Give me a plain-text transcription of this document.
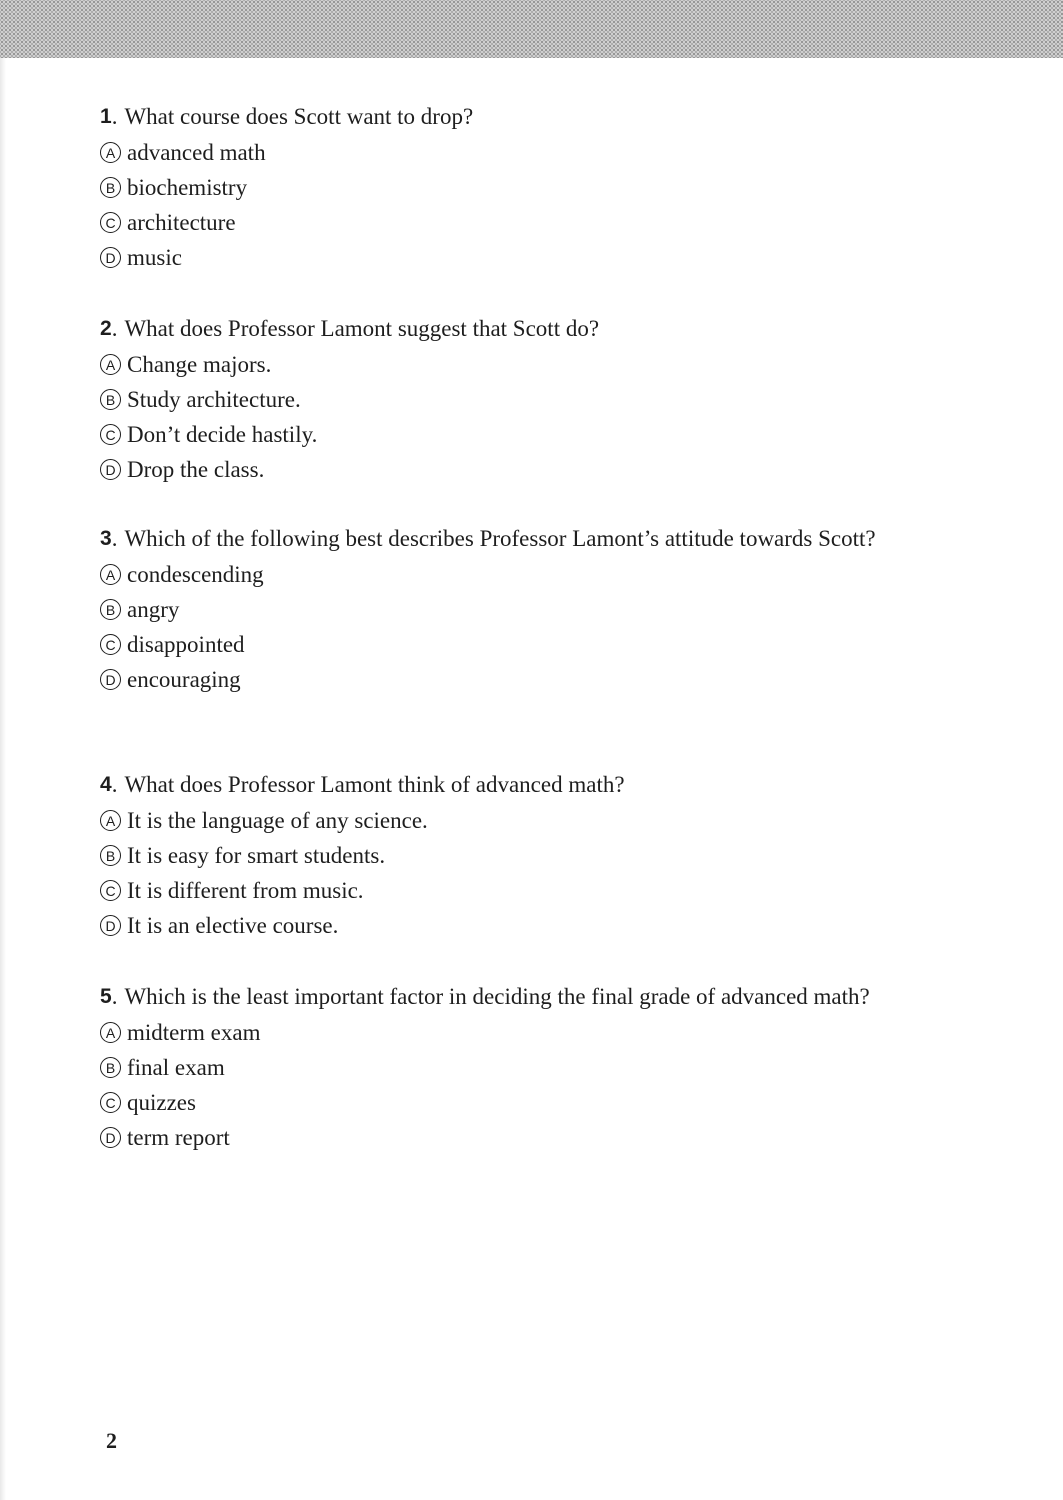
1 . What course does Scott want to drop?
A advanced math
B biochemistry
C architecture
D music
2 . What does Professor Lamont suggest that Scott do?
A Change majors.
B Study architecture.
C Don’t decide hastily.
D Drop the class.
3 . Which of the following best describes Professor Lamont’s attitude towards Scott?
A condescending
B angry
C disappointed
D encouraging
4 . What does Professor Lamont think of advanced math?
A It is the language of any science.
B It is easy for smart students.
C It is different from music.
D It is an elective course.
5 . Which is the least important factor in deciding the final grade of advanced math?
A midterm exam
B final exam
C quizzes
D term report
2
